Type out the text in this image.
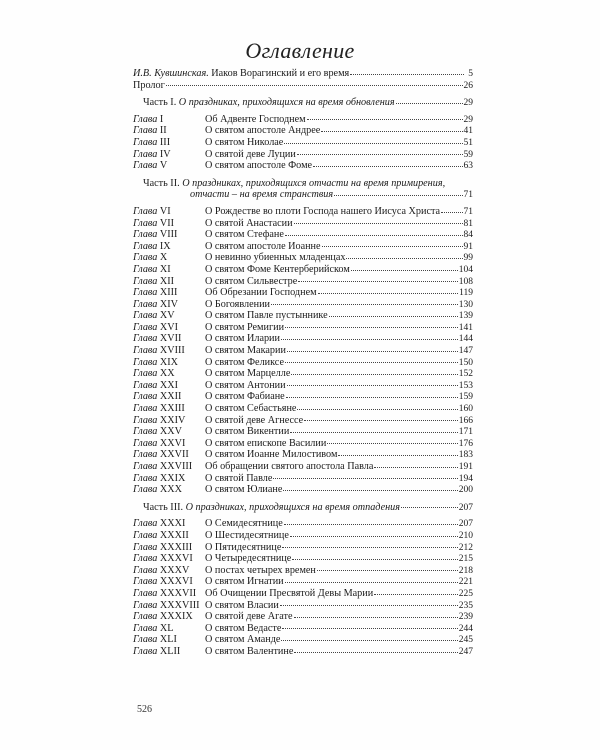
Оглавление
И.В. Кувшинская. Иаков Ворагинский и его время	5
Пролог	26
Часть I. О праздниках, приходящихся на время обновления	29
Глава I	Об Адвенте Господнем	29
Глава II	О святом апостоле Андрее	41
Глава III	О святом Николае	51
Глава IV	О святой деве Луции	59
Глава V	О святом апостоле Фоме	63
Часть II. О праздниках, приходящихся отчасти на время примирения,
отчасти – на время странствия	71
Глава VI	О Рождестве во плоти Господа нашего Иисуса Христа 71
Глава VII	О святой Анастасии	81
Глава VIII	О святом Стефане	84
Глава IX	О святом апостоле Иоанне	91
Глава X	О невинно убиенных младенцах	99
Глава XI	О святом Фоме Кентерберийском	104
Глава XII	О святом Сильвестре	108
Глава XIII	Об Обрезании Господнем	119
Глава XIV	О Богоявлении	130
Глава XV	О святом Павле пустыннике	139
Глава XVI	О святом Ремигии	141
Глава XVII	О святом Иларии	144
Глава XVIII	О святом Макарии	147
Глава XIX	О святом Феликсе	150
Глава XX	О святом Марцелле	152
Глава XXI	О святом Антонии	153
Глава XXII	О святом Фабиане	159
Глава XXIII	О святом Себастьяне	160
Глава XXIV	О святой деве Агнессе	166
Глава XXV	О святом Викентии	171
Глава XXVI	О святом епископе Василии	176
Глава XXVII	О святом Иоанне Милостивом	183
Глава XXVIII	Об обращении святого апостола Павла	191
Глава XXIX	О святой Павле	194
Глава XXX	О святом Юлиане	200
Часть III. О праздниках, приходящихся на время отпадения	207
Глава XXXI	О Семидесятнице	207
Глава XXXII	О Шестидесятнице	210
Глава XXXIII	О Пятидесятнице	212
Глава XXXVI	О Четыредесятнице	215
Глава XXXV	О постах четырех времен	218
Глава XXXVI	О святом Игнатии	221
Глава XXXVII Об Очищении Пресвятой Девы Марии	225
Глава XXXVIII О святом Власии	235
Глава XXXIX	О святой деве Агате	239
Глава XL	О святом Ведасте	244
Глава XLI	О святом Аманде	245
Глава XLII	О святом Валентине	247
526
